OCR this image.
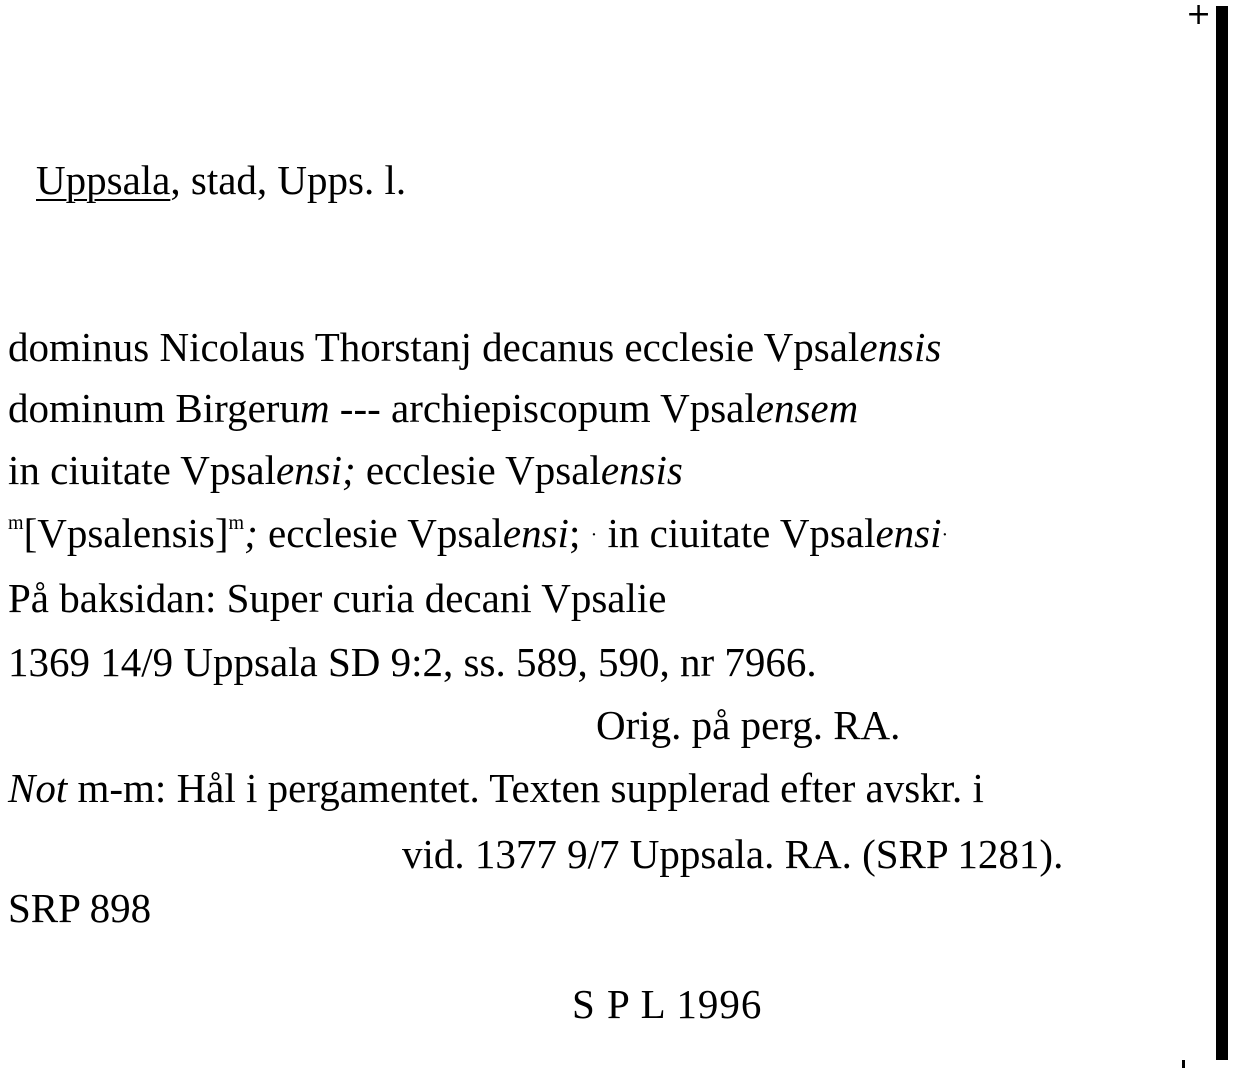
+
Uppsala, stad, Upps. l.
dominus Nicolaus Thorstanj decanus ecclesie Vpsalensis
dominum Birgerum --- archiepiscopum Vpsalensem
in ciuitate Vpsalensi; ecclesie Vpsalensis
$^m$[Vpsalensis]$^m$; ecclesie Vpsalensi; · in ciuitate Vpsalensi·
På baksidan: Super curia decani Vpsalie
1369 14/9 Uppsala SD 9:2, ss. 589, 590, nr 7966.
Orig. på perg. RA.
Not m-m: Hål i pergamentet. Texten supplerad efter avskr. i
vid. 1377 9/7 Uppsala. RA. (SRP 1281).
SRP 898
S P L 1996
